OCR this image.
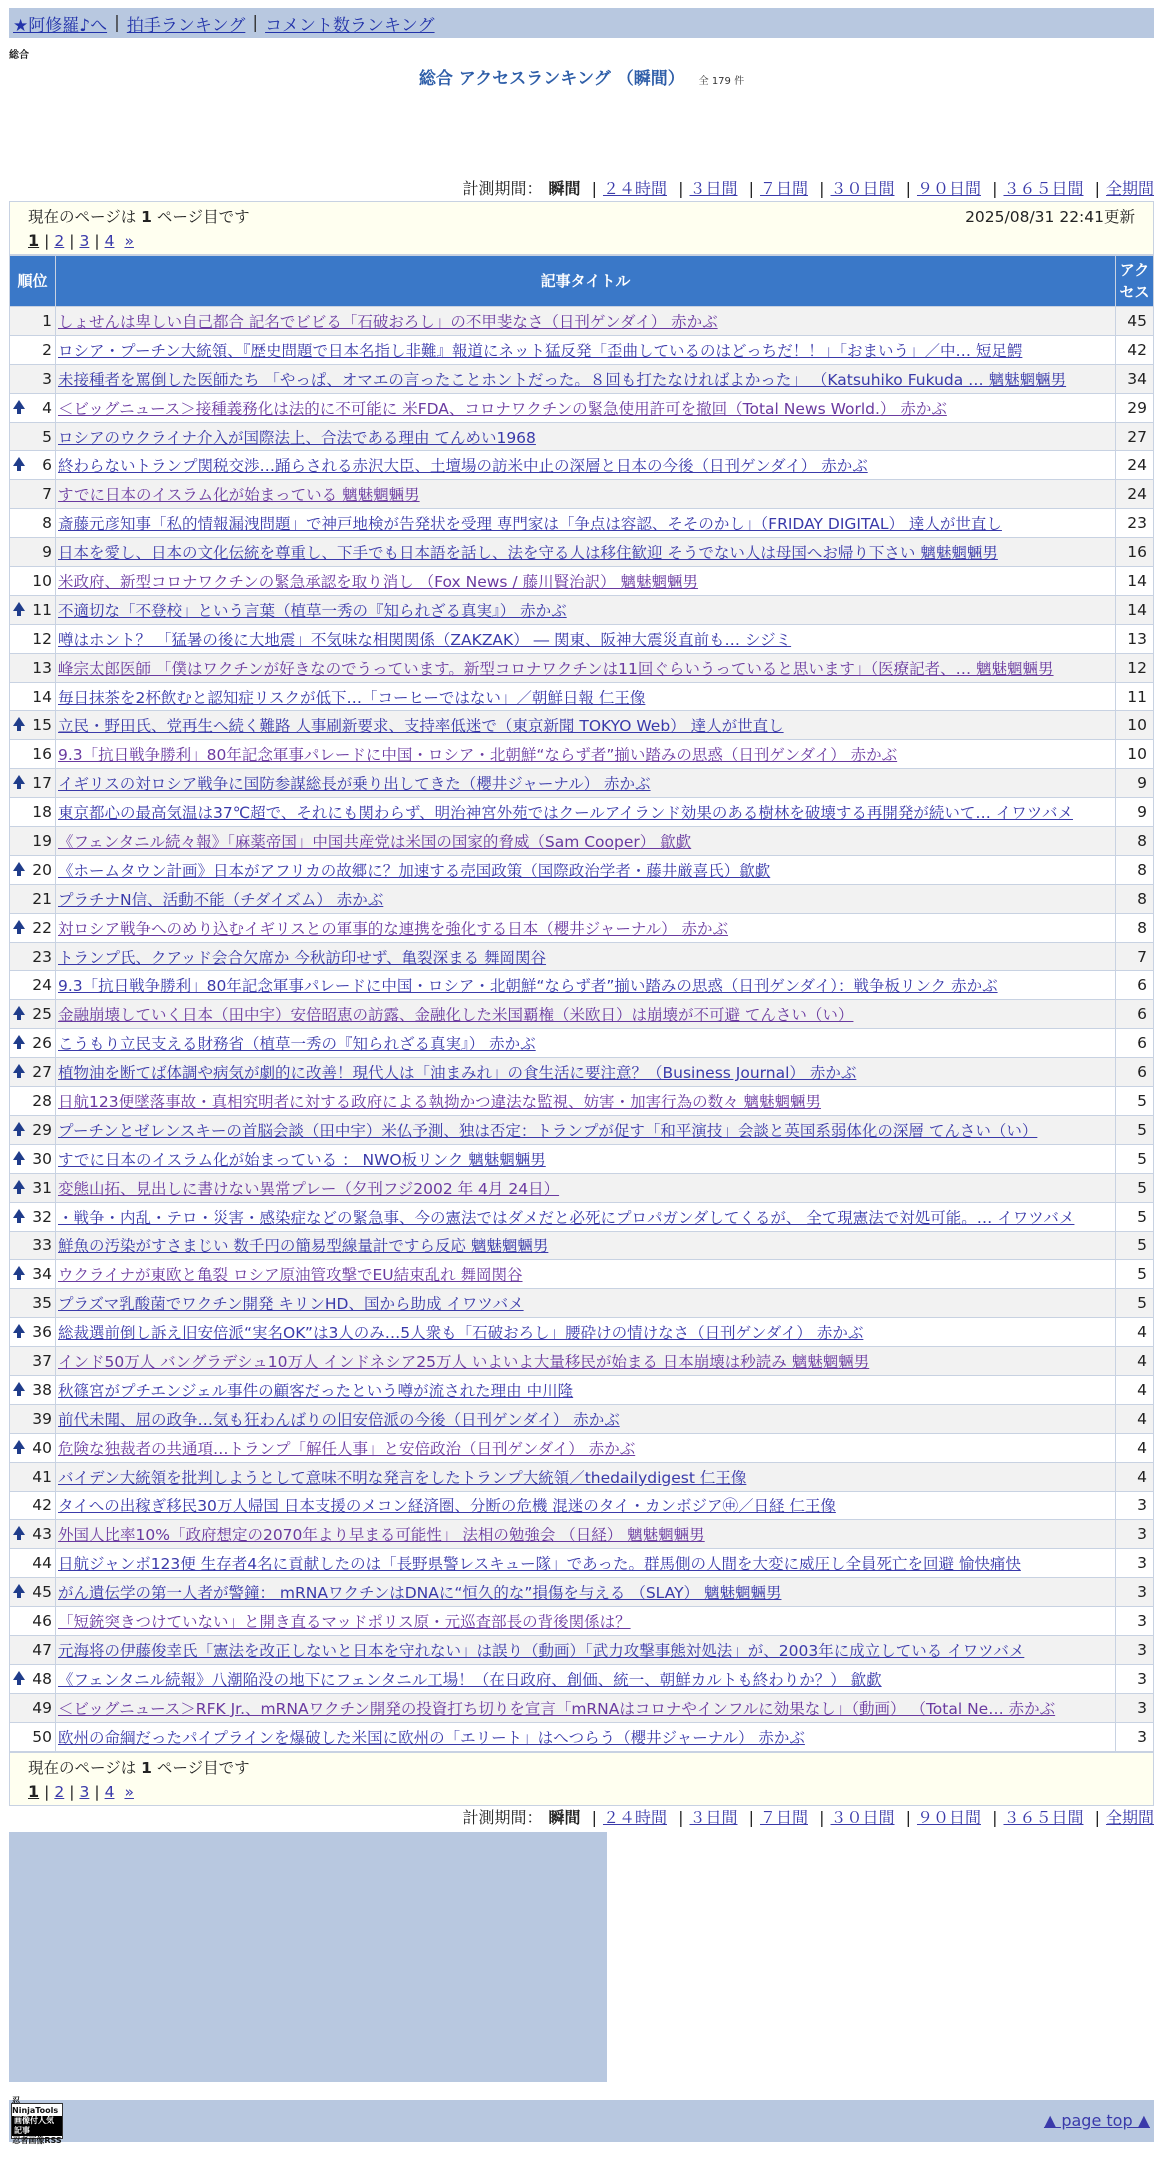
★阿修羅♪へ | 拍手ランキング | コメント数ランキング
総合
総合 アクセスランキング （瞬間） 全 179 件
計測期間： 瞬間 | ２４時間 | ３日間 | ７日間 | ３０日間 | ９０日間 | ３６５日間 | 全期間
現在のページは 1 ページ目です	2025/08/31 22:41更新
1 | 2 | 3 | 4 »
順位	記事タイトル	アクセス
1	しょせんは卑しい自己都合 記名でビビる「石破おろし」の不甲斐なさ（日刊ゲンダイ） 赤かぶ	45
2	ロシア・プーチン大統領、『歴史問題で日本名指し非難』報道にネット猛反発「歪曲しているのはどっちだ！！」「おまいう」／中… 短足鰐	42
3	未接種者を罵倒した医師たち 「やっぱ、オマエの言ったことホントだった。８回も打たなければよかった」 （Katsuhiko Fukuda … 魑魅魍魎男	34

4	＜ビッグニュース＞接種義務化は法的に不可能に 米FDA、コロナワクチンの緊急使用許可を撤回（Total News World.） 赤かぶ	29
5	ロシアのウクライナ介入が国際法上、合法である理由 てんめい1968	27

6	終わらないトランプ関税交渉…踊らされる赤沢大臣、土壇場の訪米中止の深層と日本の今後（日刊ゲンダイ） 赤かぶ	24
7	すでに日本のイスラム化が始まっている 魑魅魍魎男	24
8	斎藤元彦知事「私的情報漏洩問題」で神戸地検が告発状を受理 専門家は「争点は容認、そそのかし」（FRIDAY DIGITAL） 達人が世直し	23
9	日本を愛し、日本の文化伝統を尊重し、下手でも日本語を話し、法を守る人は移住歓迎 そうでない人は母国へお帰り下さい 魑魅魍魎男	16
10	米政府、新型コロナワクチンの緊急承認を取り消し （Fox News / 藤川賢治訳） 魑魅魍魎男	14

11	不適切な「不登校」という言葉（植草一秀の『知られざる真実』） 赤かぶ	14
12	噂はホント？ 「猛暑の後に大地震」不気味な相関関係（ZAKZAK） ― 関東、阪神大震災直前も… シジミ	13
13	峰宗太郎医師 「僕はワクチンが好きなのでうっています。新型コロナワクチンは11回ぐらいうっていると思います」（医療記者、… 魑魅魍魎男	12
14	毎日抹茶を2杯飲むと認知症リスクが低下…「コーヒーではない」／朝鮮日報 仁王像	11

15	立民・野田氏、党再生へ続く難路 人事刷新要求、支持率低迷で（東京新聞 TOKYO Web） 達人が世直し	10
16	9.3「抗日戦争勝利」80年記念軍事パレードに中国・ロシア・北朝鮮“ならず者”揃い踏みの思惑（日刊ゲンダイ） 赤かぶ	10

17	イギリスの対ロシア戦争に国防参謀総長が乗り出してきた（櫻井ジャーナル） 赤かぶ	9
18	東京都心の最高気温は37℃超で、それにも関わらず、明治神宮外苑ではクールアイランド効果のある樹林を破壊する再開発が続いて… イワツバメ	9
19	《フェンタニル続々報》「麻薬帝国」中国共産党は米国の国家的脅威（Sam Cooper） 歙歔	8

20	《ホームタウン計画》日本がアフリカの故郷に？加速する売国政策（国際政治学者・藤井厳喜氏）歙歔	8
21	プラチナN信、活動不能（チダイズム） 赤かぶ	8

22	対ロシア戦争へのめり込むイギリスとの軍事的な連携を強化する日本（櫻井ジャーナル） 赤かぶ	8
23	トランプ氏、クアッド会合欠席か 今秋訪印せず、亀裂深まる 舞岡関谷	7
24	9.3「抗日戦争勝利」80年記念軍事パレードに中国・ロシア・北朝鮮“ならず者”揃い踏みの思惑（日刊ゲンダイ）：戦争板リンク 赤かぶ	6

25	金融崩壊していく日本（田中宇）安倍昭恵の訪露、金融化した米国覇権（米欧日）は崩壊が不可避 てんさい（い）	6

26	こうもり立民支える財務省（植草一秀の『知られざる真実』） 赤かぶ	6

27	植物油を断てば体調や病気が劇的に改善！現代人は「油まみれ」の食生活に要注意？（Business Journal） 赤かぶ	6
28	日航123便墜落事故・真相究明者に対する政府による執拗かつ違法な監視、妨害・加害行為の数々 魑魅魍魎男	5

29	プーチンとゼレンスキーの首脳会談（田中宇）米仏予測、独は否定：トランプが促す「和平演技」会談と英国系弱体化の深層 てんさい（い）	5

30	すでに日本のイスラム化が始まっている ： NWO板リンク 魑魅魍魎男	5

31	変態山拓、見出しに書けない異常プレー（夕刊フジ2002 年 4月 24日）	5

32	・戦争・内乱・テロ・災害・感染症などの緊急事、今の憲法ではダメだと必死にプロパガンダしてくるが、 全て現憲法で対処可能。… イワツバメ	5
33	鮮魚の汚染がすさまじい 数千円の簡易型線量計ですら反応 魑魅魍魎男	5

34	ウクライナが東欧と亀裂 ロシア原油管攻撃でEU結束乱れ 舞岡関谷	5
35	プラズマ乳酸菌でワクチン開発 キリンHD、国から助成 イワツバメ	5

36	総裁選前倒し訴え旧安倍派“実名OK”は3人のみ…5人衆も「石破おろし」腰砕けの情けなさ（日刊ゲンダイ） 赤かぶ	4
37	インド50万人 バングラデシュ10万人 インドネシア25万人 いよいよ大量移民が始まる 日本崩壊は秒読み 魑魅魍魎男	4

38	秋篠宮がプチエンジェル事件の顧客だったという噂が流された理由 中川隆	4
39	前代未聞、屈の政争…気も狂わんばりの旧安倍派の今後（日刊ゲンダイ） 赤かぶ	4

40	危険な独裁者の共通項…トランプ「解任人事」と安倍政治（日刊ゲンダイ） 赤かぶ	4
41	バイデン大統領を批判しようとして意味不明な発言をしたトランプ大統領／thedailydigest 仁王像	4
42	タイへの出稼ぎ移民30万人帰国 日本支援のメコン経済圏、分断の危機 混迷のタイ・カンボジア㊥／日経 仁王像	3

43	外国人比率10%「政府想定の2070年より早まる可能性」 法相の勉強会 （日経） 魑魅魍魎男	3
44	日航ジャンボ123便 生存者4名に貢献したのは「長野県警レスキュー隊」であった。群馬側の人間を大変に威圧し全員死亡を回避 愉快痛快	3

45	がん遺伝学の第一人者が警鐘： mRNAワクチンはDNAに“恒久的な”損傷を与える （SLAY） 魑魅魍魎男	3
46	「短銃突きつけていない」と開き直るマッドポリス原・元巡査部長の背後関係は？	3
47	元海将の伊藤俊幸氏「憲法を改正しないと日本を守れない」は誤り（動画）「武力攻撃事態対処法」が、2003年に成立している イワツバメ	3

48	《フェンタニル続報》八潮陥没の地下にフェンタニル工場！（在日政府、創価、統一、朝鮮カルトも終わりか？） 歙歔	3
49	＜ビッグニュース＞RFK Jr.、mRNAワクチン開発の投資打ち切りを宣言「mRNAはコロナやインフルに効果なし」（動画） （Total Ne… 赤かぶ	3
50	欧州の命綱だったパイプラインを爆破した米国に欧州の「エリート」はへつらう（櫻井ジャーナル） 赤かぶ	3
現在のページは 1 ページ目です
1 | 2 | 3 | 4 »
計測期間： 瞬間 | ２４時間 | ３日間 | ７日間 | ３０日間 | ９０日間 | ３６５日間 | 全期間
忍NinjaTools
画像付人気記事
忍者画像RSS
▲ page top ▲
